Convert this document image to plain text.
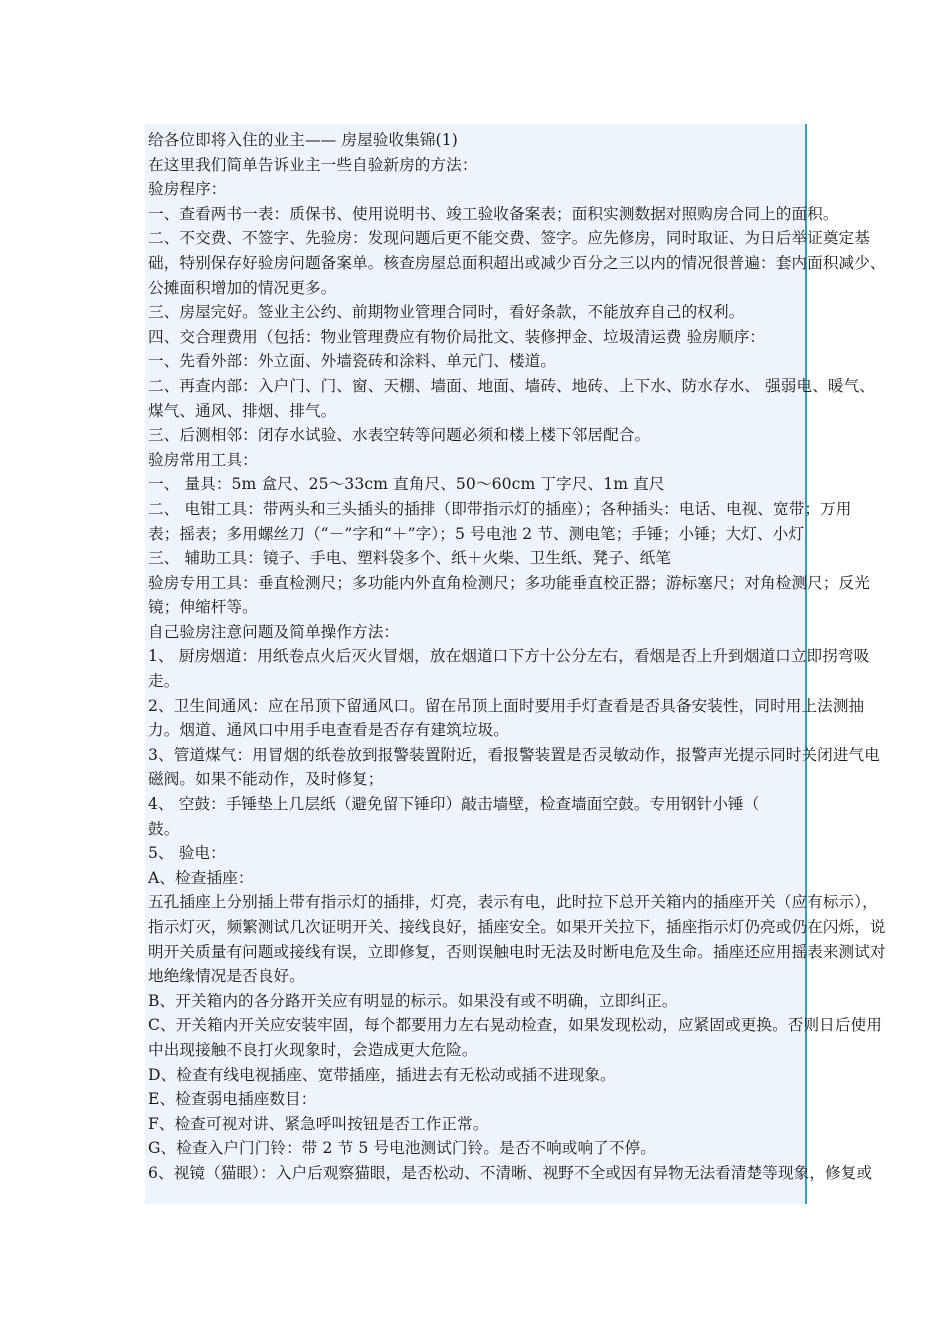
给各位即将入住的业主—— 房屋验收集锦(1)
在这里我们简单告诉业主一些自验新房的方法：
验房程序：
一、查看两书一表：质保书、使用说明书、竣工验收备案表；面积实测数据对照购房合同上的面积。
二、不交费、不签字、先验房：发现问题后更不能交费、签字。应先修房，同时取证、为日后举证奠定基
础，特别保存好验房问题备案单。核查房屋总面积超出或减少百分之三以内的情况很普遍：套内面积减少、
公摊面积增加的情况更多。
三、房屋完好。签业主公约、前期物业管理合同时，看好条款，不能放弃自己的权利。
四、交合理费用（包括：物业管理费应有物价局批文、装修押金、垃圾清运费 验房顺序：
一、先看外部：外立面、外墙瓷砖和涂料、单元门、楼道。
二、再查内部：入户门、门、窗、天棚、墙面、地面、墙砖、地砖、上下水、防水存水、 强弱电、暖气、
煤气、通风、排烟、排气。
三、后测相邻：闭存水试验、水表空转等问题必须和楼上楼下邻居配合。
验房常用工具：
一、 量具：5m 盒尺、25～33cm 直角尺、50～60cm 丁字尺、1m 直尺
二、 电钳工具：带两头和三头插头的插排（即带指示灯的插座）；各种插头：电话、电视、宽带；万用
表；摇表；多用螺丝刀（“－”字和“＋”字）；5 号电池 2 节、测电笔；手锤；小锤；大灯、小灯
三、 辅助工具：镜子、手电、塑料袋多个、纸＋火柴、卫生纸、凳子、纸笔
验房专用工具：垂直检测尺；多功能内外直角检测尺；多功能垂直校正器；游标塞尺；对角检测尺；反光
镜；伸缩杆等。
自己验房注意问题及简单操作方法：
1、 厨房烟道：用纸卷点火后灭火冒烟，放在烟道口下方十公分左右，看烟是否上升到烟道口立即拐弯吸
走。
2、卫生间通风：应在吊顶下留通风口。留在吊顶上面时要用手灯查看是否具备安装性，同时用上法测抽
力。烟道、通风口中用手电查看是否存有建筑垃圾。
3、管道煤气：用冒烟的纸卷放到报警装置附近，看报警装置是否灵敏动作，报警声光提示同时关闭进气电
磁阀。如果不能动作，及时修复；
4、 空鼓：手锤垫上几层纸（避免留下锤印）敲击墙壁，检查墙面空鼓。专用钢针小锤（
鼓。
5、 验电：
A、检查插座：
五孔插座上分别插上带有指示灯的插排，灯亮，表示有电，此时拉下总开关箱内的插座开关（应有标示），
指示灯灭，频繁测试几次证明开关、接线良好，插座安全。如果开关拉下，插座指示灯仍亮或仍在闪烁，说
明开关质量有问题或接线有误，立即修复，否则误触电时无法及时断电危及生命。插座还应用摇表来测试对
地绝缘情况是否良好。
B、开关箱内的各分路开关应有明显的标示。如果没有或不明确，立即纠正。
C、开关箱内开关应安装牢固，每个都要用力左右晃动检查，如果发现松动，应紧固或更换。否则日后使用
中出现接触不良打火现象时，会造成更大危险。
D、检查有线电视插座、宽带插座，插进去有无松动或插不进现象。
E、检查弱电插座数目：
F、检查可视对讲、紧急呼叫按钮是否工作正常。
G、检查入户门门铃：带 2 节 5 号电池测试门铃。是否不响或响了不停。
6、视镜（猫眼）：入户后观察猫眼，是否松动、不清晰、视野不全或因有异物无法看清楚等现象，修复或
